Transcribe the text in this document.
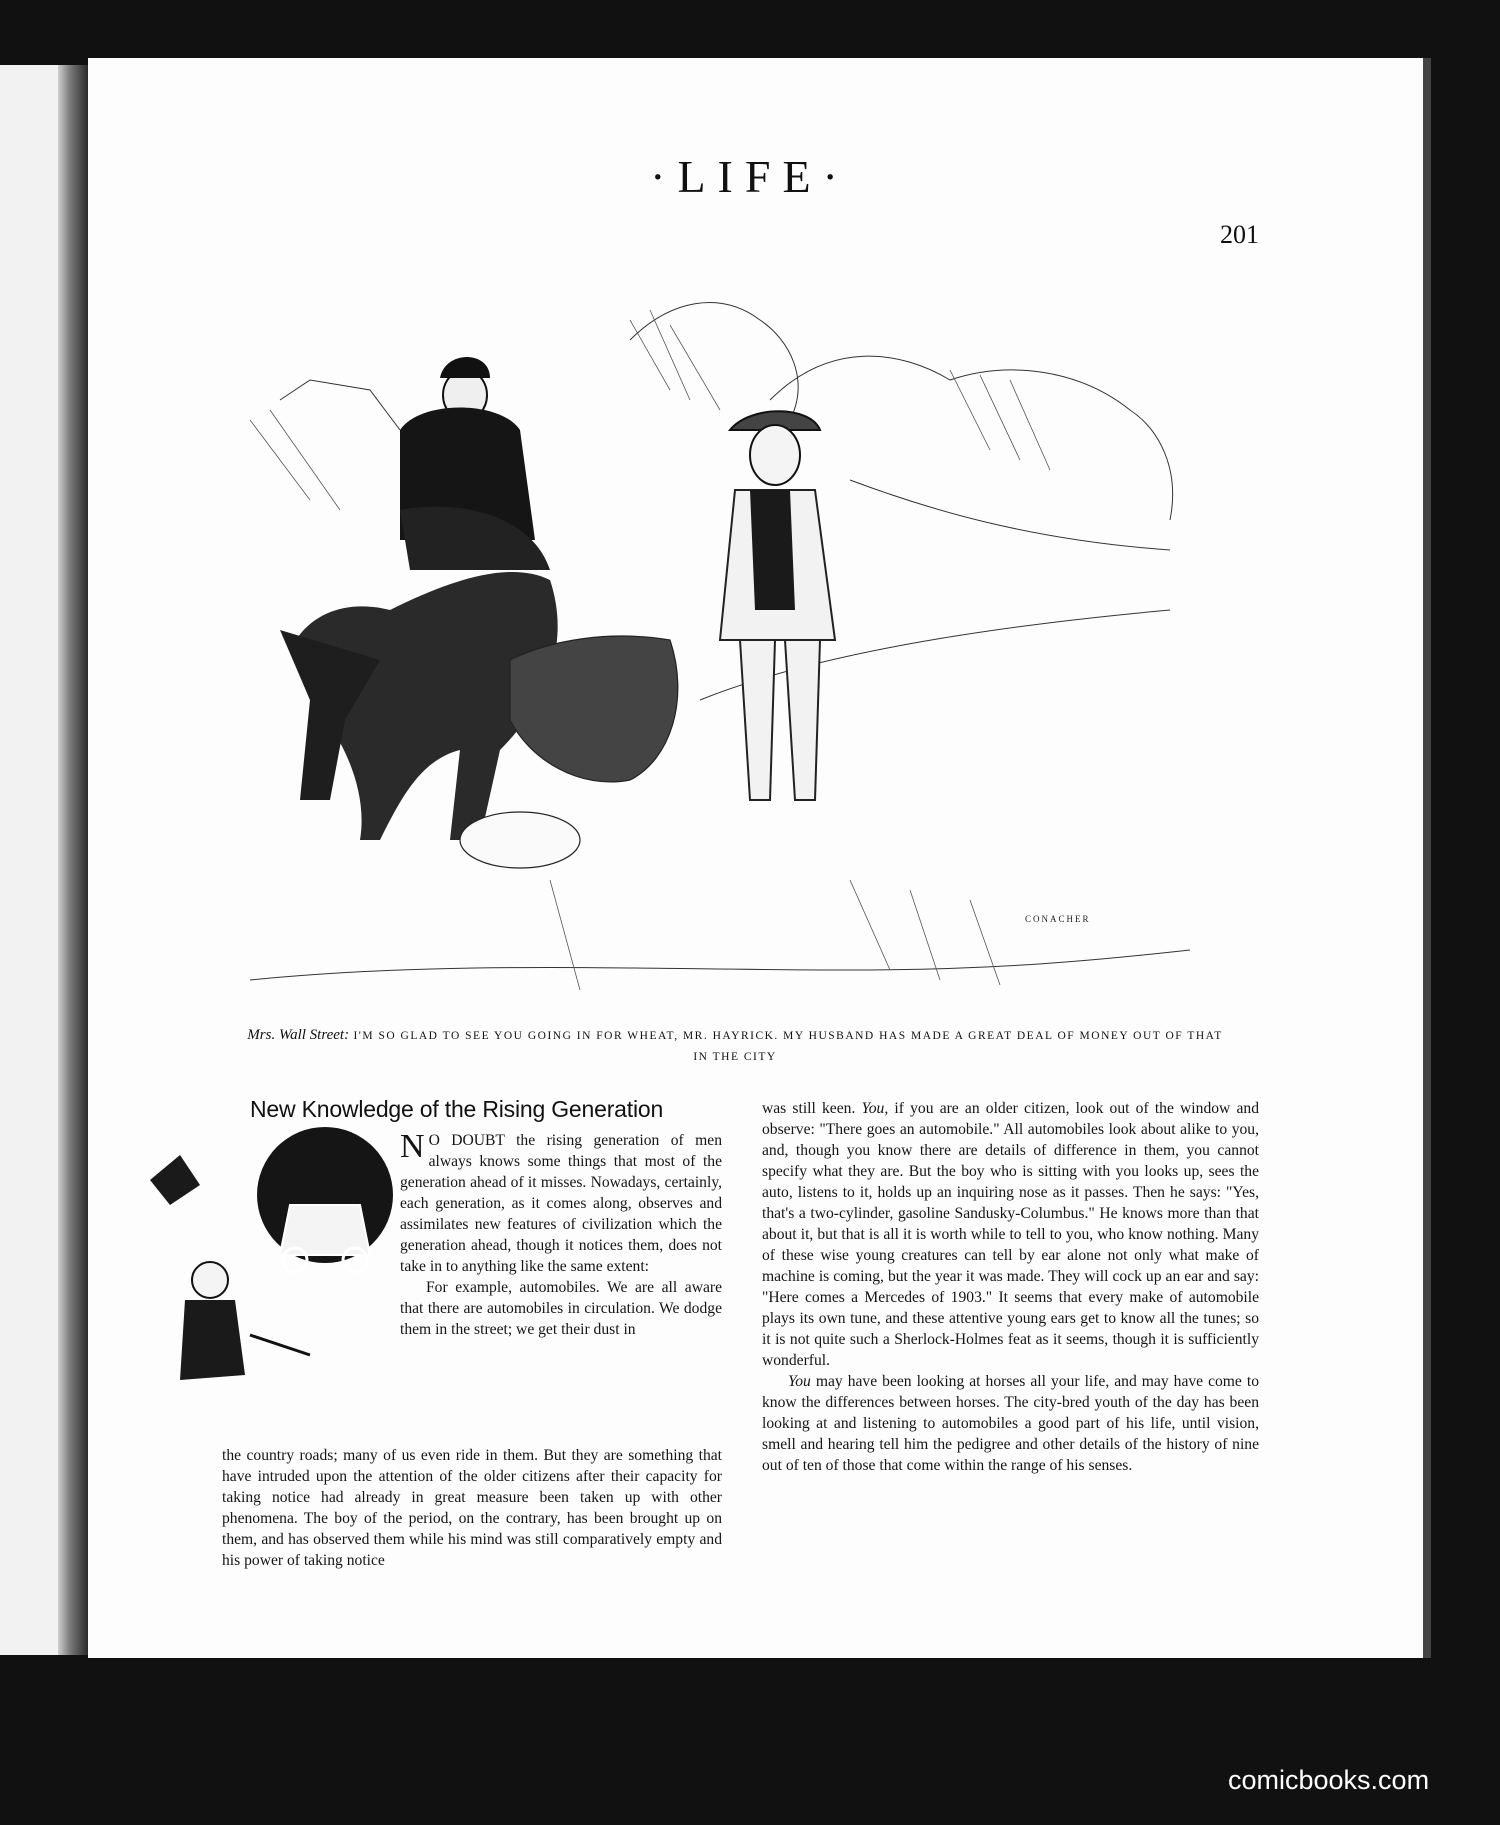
·LIFE·
201
CONACHER
Mrs. Wall Street: I'M SO GLAD TO SEE YOU GOING IN FOR WHEAT, MR. HAYRICK. MY HUSBAND HAS MADE A GREAT DEAL OF MONEY OUT OF THAT IN THE CITY
New Knowledge of the Rising Generation

N O DOUBT the rising generation of men always knows some things that most of the generation ahead of it misses. Nowadays, certainly, each generation, as it comes along, observes and assimilates new features of civilization which the generation ahead, though it notices them, does not take in to anything like the same extent:

For example, automobiles. We are all aware that there are automobiles in circulation. We dodge them in the street; we get their dust in

the country roads; many of us even ride in them. But they are something that have intruded upon the attention of the older citizens after their capacity for taking notice had already in great measure been taken up with other phenomena. The boy of the period, on the contrary, has been brought up on them, and has observed them while his mind was still comparatively empty and his power of taking notice

was still keen. You, if you are an older citizen, look out of the window and observe: "There goes an automobile." All automobiles look about alike to you, and, though you know there are details of difference in them, you cannot specify what they are. But the boy who is sitting with you looks up, sees the auto, listens to it, holds up an inquiring nose as it passes. Then he says: "Yes, that's a two-cylinder, gasoline Sandusky-Columbus." He knows more than that about it, but that is all it is worth while to tell to you, who know nothing. Many of these wise young creatures can tell by ear alone not only what make of machine is coming, but the year it was made. They will cock up an ear and say: "Here comes a Mercedes of 1903." It seems that every make of automobile plays its own tune, and these attentive young ears get to know all the tunes; so it is not quite such a Sherlock-Holmes feat as it seems, though it is sufficiently wonderful.

You may have been looking at horses all your life, and may have come to know the differences between horses. The city-bred youth of the day has been looking at and listening to automobiles a good part of his life, until vision, smell and hearing tell him the pedigree and other details of the history of nine out of ten of those that come within the range of his senses.

comicbooks.com
